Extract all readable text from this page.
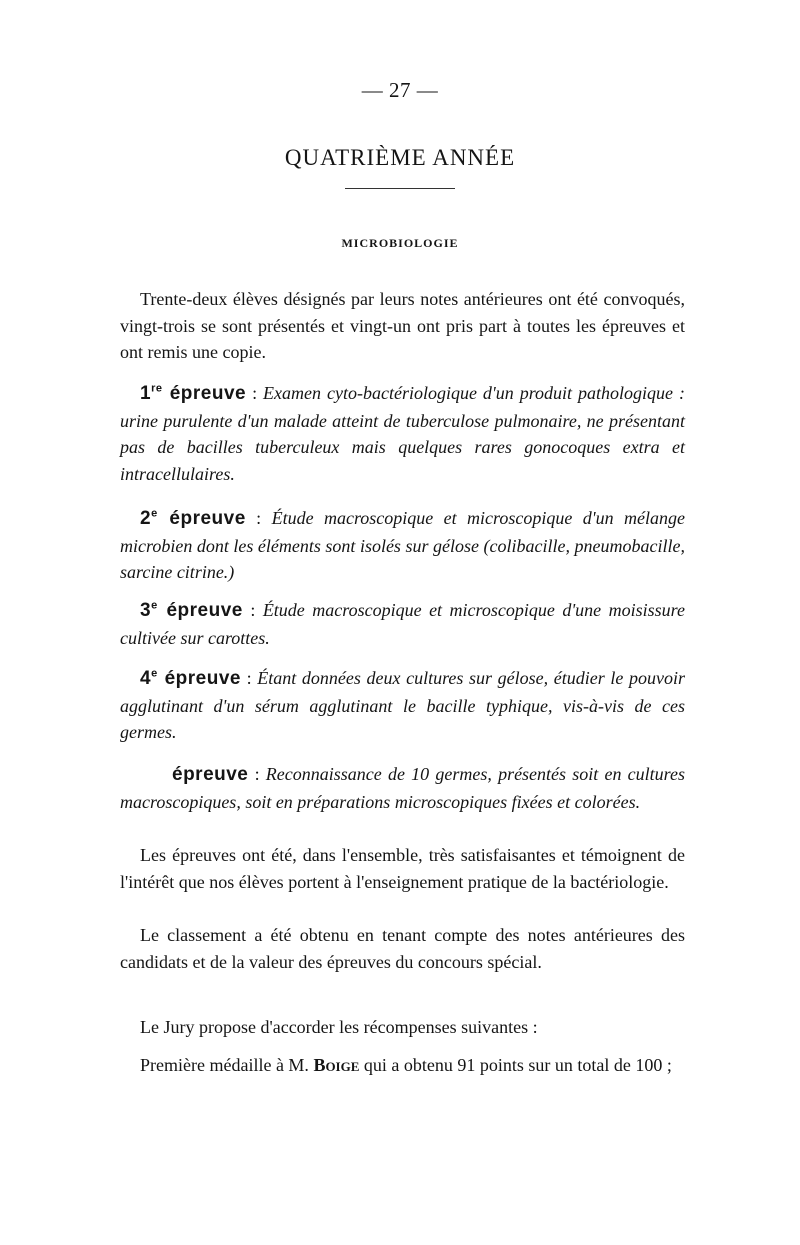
— 27 —
QUATRIÈME ANNÉE
MICROBIOLOGIE

Trente-deux élèves désignés par leurs notes antérieures ont été convoqués, vingt-trois se sont présentés et vingt-un ont pris part à toutes les épreuves et ont remis une copie.

1re épreuve : Examen cyto-bactériologique d'un produit pathologique : urine purulente d'un malade atteint de tuberculose pulmonaire, ne présentant pas de bacilles tuberculeux mais quelques rares gonocoques extra et intracellulaires.

2e épreuve : Étude macroscopique et microscopique d'un mélange microbien dont les éléments sont isolés sur gélose (colibacille, pneumobacille, sarcine citrine.)

3e épreuve : Étude macroscopique et microscopique d'une moisissure cultivée sur carottes.

4e épreuve : Étant données deux cultures sur gélose, étudier le pouvoir agglutinant d'un sérum agglutinant le bacille typhique, vis-à-vis de ces germes.

épreuve : Reconnaissance de 10 germes, présentés soit en cultures macroscopiques, soit en préparations microscopiques fixées et colorées.

Les épreuves ont été, dans l'ensemble, très satisfaisantes et témoignent de l'intérêt que nos élèves portent à l'enseignement pratique de la bactériologie.

Le classement a été obtenu en tenant compte des notes antérieures des candidats et de la valeur des épreuves du concours spécial.

Le Jury propose d'accorder les récompenses suivantes :

Première médaille à M. Boige qui a obtenu 91 points sur un total de 100 ;
